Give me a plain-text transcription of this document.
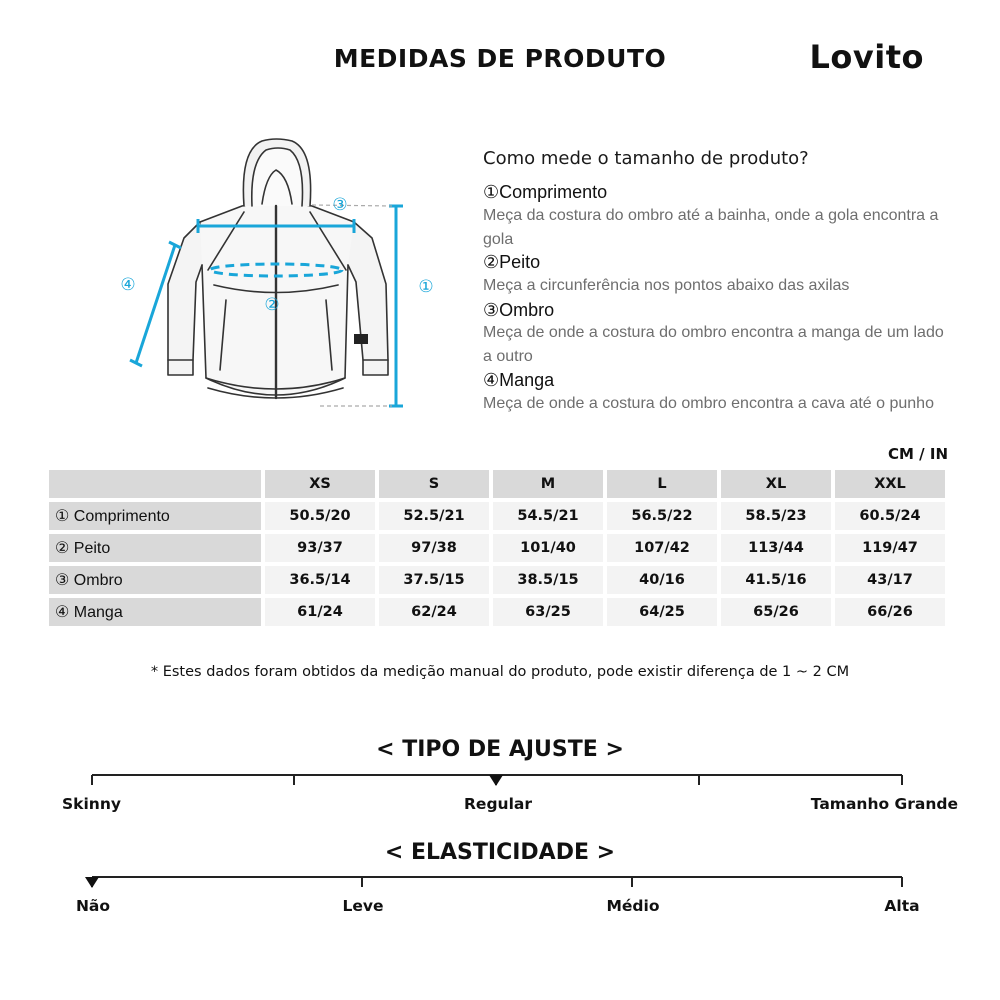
MEDIDAS DE PRODUTO	Lovito
③
②
①
④
Como mede o tamanho de produto?
①Comprimento
Meça da costura do ombro até a bainha, onde a gola encontra a gola
②Peito
Meça a circunferência nos pontos abaixo das axilas
③Ombro
Meça de onde a costura do ombro encontra a manga de um lado a outro
④Manga
Meça de onde a costura do ombro encontra a cava até o punho
CM / IN
	XS	S	M	L	XL	XXL
① Comprimento	50.5/20	52.5/21	54.5/21	56.5/22	58.5/23	60.5/24
② Peito	93/37	97/38	101/40	107/42	113/44	119/47
③ Ombro	36.5/14	37.5/15	38.5/15	40/16	41.5/16	43/17
④ Manga	61/24	62/24	63/25	64/25	65/26	66/26
* Estes dados foram obtidos da medição manual do produto, pode existir diferença de 1 ~ 2 CM
< TIPO DE AJUSTE >
Skinny	Regular	Tamanho Grande
< ELASTICIDADE >
Não	Leve	Médio	Alta
